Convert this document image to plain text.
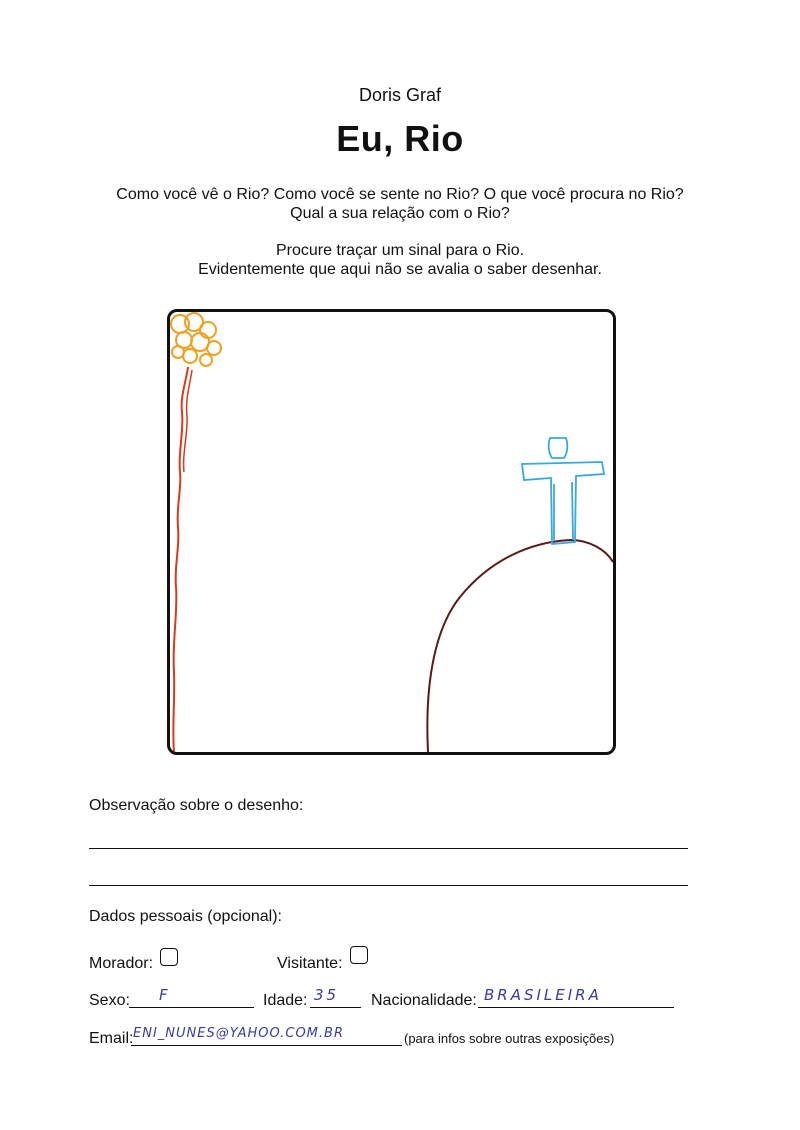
Doris Graf
Eu, Rio
Como você vê o Rio? Como você se sente no Rio? O que você procura no Rio?
Qual a sua relação com o Rio?
Procure traçar um sinal para o Rio.
Evidentemente que aqui não se avalia o saber desenhar.
Observação sobre o desenho:
Dados pessoais (opcional):
Morador:	Visitante:
Sexo: F	Idade: 35 Nacionalidade: BRASILEIRA
Email: ENI_NUNES@YAHOO.COM.BR	(para infos sobre outras exposições)
